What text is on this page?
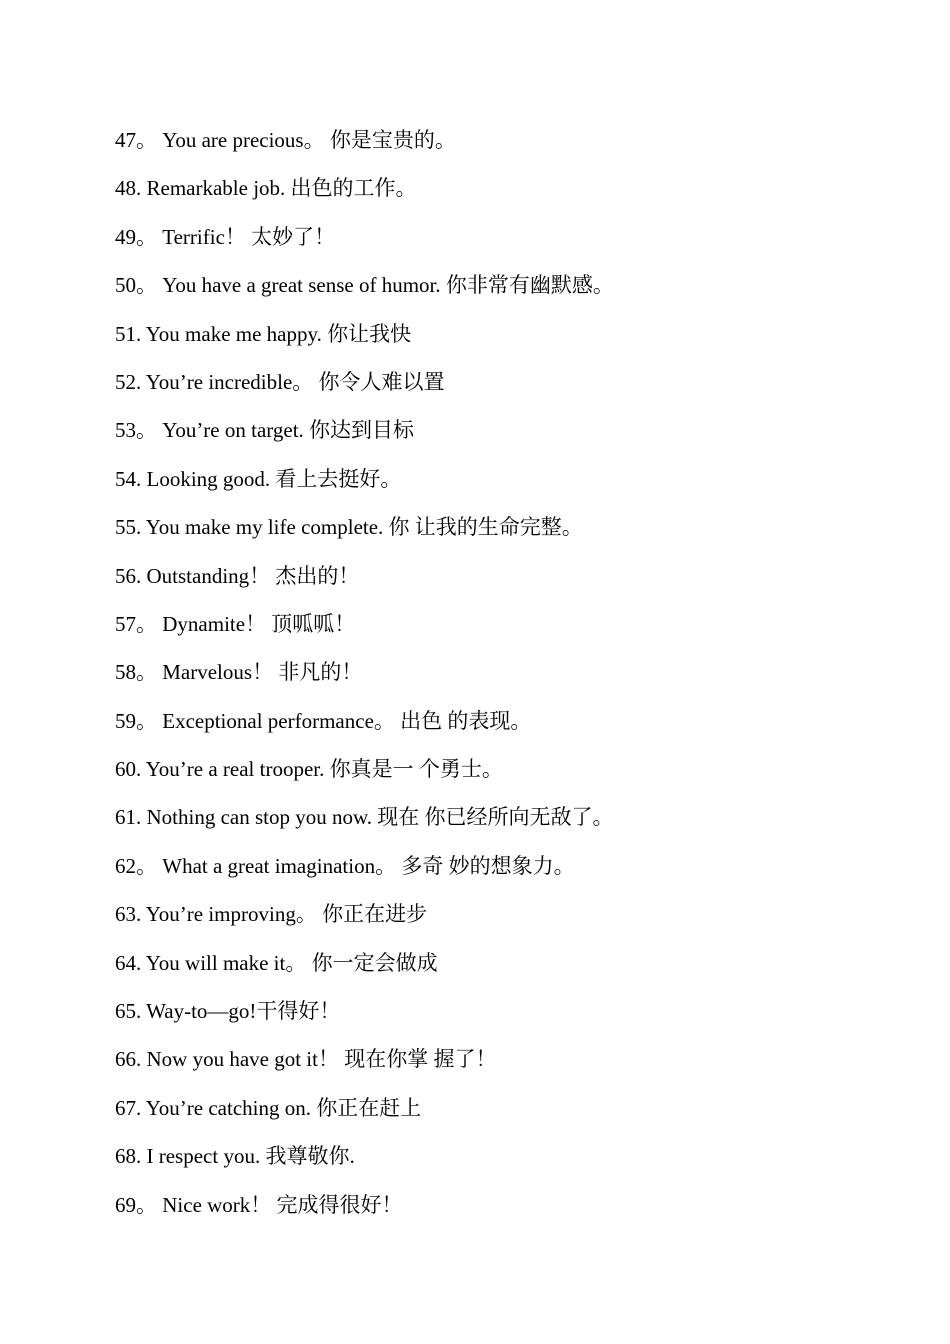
47。 You are precious。 你是宝贵的。
48. Remarkable job. 出色的工作。
49。 Terrific！ 太妙了！
50。 You have a great sense of humor. 你非常有幽默感。
51. You make me happy. 你让我快
52. You’re incredible。 你令人难以置
53。 You’re on target. 你达到目标
54. Looking good. 看上去挺好。
55. You make my life complete. 你 让我的生命完整。
56. Outstanding！ 杰出的！
57。 Dynamite！ 顶呱呱！
58。 Marvelous！ 非凡的！
59。 Exceptional performance。 出色 的表现。
60. You’re a real trooper. 你真是一 个勇士。
61. Nothing can stop you now. 现在 你已经所向无敌了。
62。 What a great imagination。 多奇 妙的想象力。
63. You’re improving。 你正在进步
64. You will make it。 你一定会做成
65. Way-to—go!干得好！
66. Now you have got it！ 现在你掌 握了！
67. You’re catching on. 你正在赶上
68. I respect you. 我尊敬你.
69。 Nice work！ 完成得很好！
